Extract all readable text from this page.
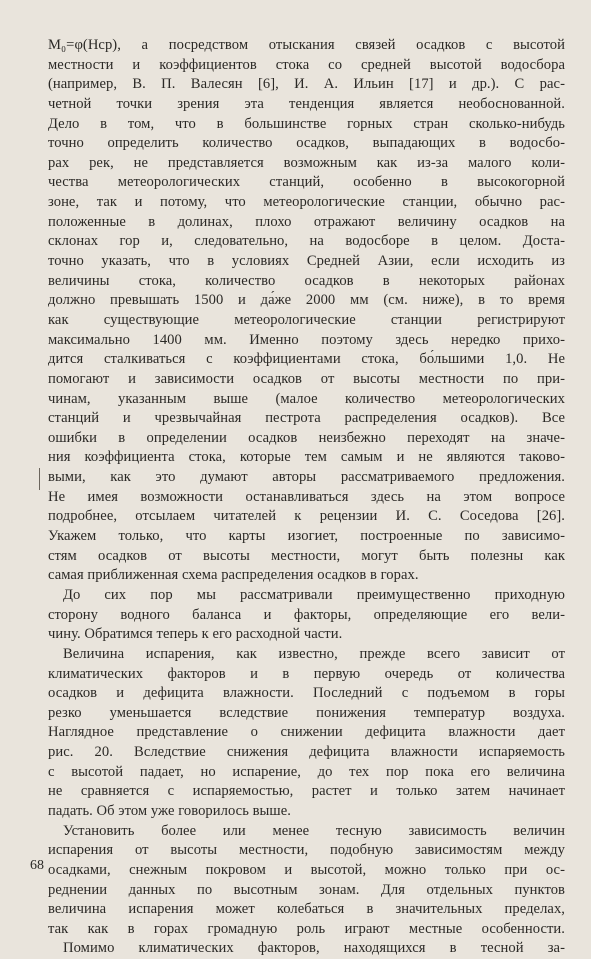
M₀=φ(Hср), а посредством отыскания связей осадков с высотой
местности и коэффициентов стока со средней высотой водосбора
(например, В. П. Валесян [6], И. А. Ильин [17] и др.). С рас-
четной точки зрения эта тенденция является необоснованной.
Дело в том, что в большинстве горных стран сколько-нибудь
точно определить количество осадков, выпадающих в водосбо-
рах рек, не представляется возможным как из-за малого коли-
чества метеорологических станций, особенно в высокогорной
зоне, так и потому, что метеорологические станции, обычно рас-
положенные в долинах, плохо отражают величину осадков на
склонах гор и, следовательно, на водосборе в целом. Доста-
точно указать, что в условиях Средней Азии, если исходить из
величины стока, количество осадков в некоторых районах
должно превышать 1500 и да́же 2000 мм (см. ниже), в то время
как существующие метеорологические станции регистрируют
максимально 1400 мм. Именно поэтому здесь нередко прихо-
дится сталкиваться с коэффициентами стока, бо́льшими 1,0. Не
помогают и зависимости осадков от высоты местности по при-
чинам, указанным выше (малое количество метеорологических
станций и чрезвычайная пестрота распределения осадков). Все
ошибки в определении осадков неизбежно переходят на значе-
ния коэффициента стока, которые тем самым и не являются таково-
выми, как это думают авторы рассматриваемого предложения.
Не имея возможности останавливаться здесь на этом вопросе
подробнее, отсылаем читателей к рецензии И. С. Соседова [26].
Укажем только, что карты изогиет, построенные по зависимо-
стям осадков от высоты местности, могут быть полезны как
самая приближенная схема распределения осадков в горах.
До сих пор мы рассматривали преимущественно приходную
сторону водного баланса и факторы, определяющие его вели-
чину. Обратимся теперь к его расходной части.
Величина испарения, как известно, прежде всего зависит от
климатических факторов и в первую очередь от количества
осадков и дефицита влажности. Последний с подъемом в горы
резко уменьшается вследствие понижения температур воздуха.
Наглядное представление о снижении дефицита влажности дает
рис. 20. Вследствие снижения дефицита влажности испаряемость
с высотой падает, но испарение, до тех пор пока его величина
не сравняется с испаряемостью, растет и только затем начинает
падать. Об этом уже говорилось выше.
Установить более или менее тесную зависимость величин
испарения от высоты местности, подобную зависимостям между
осадками, снежным покровом и высотой, можно только при ос-
реднении данных по высотным зонам. Для отдельных пунктов
величина испарения может колебаться в значительных пределах,
так как в горах громадную роль играют местные особенности.
Помимо климатических факторов, находящихся в тесной за-
68
